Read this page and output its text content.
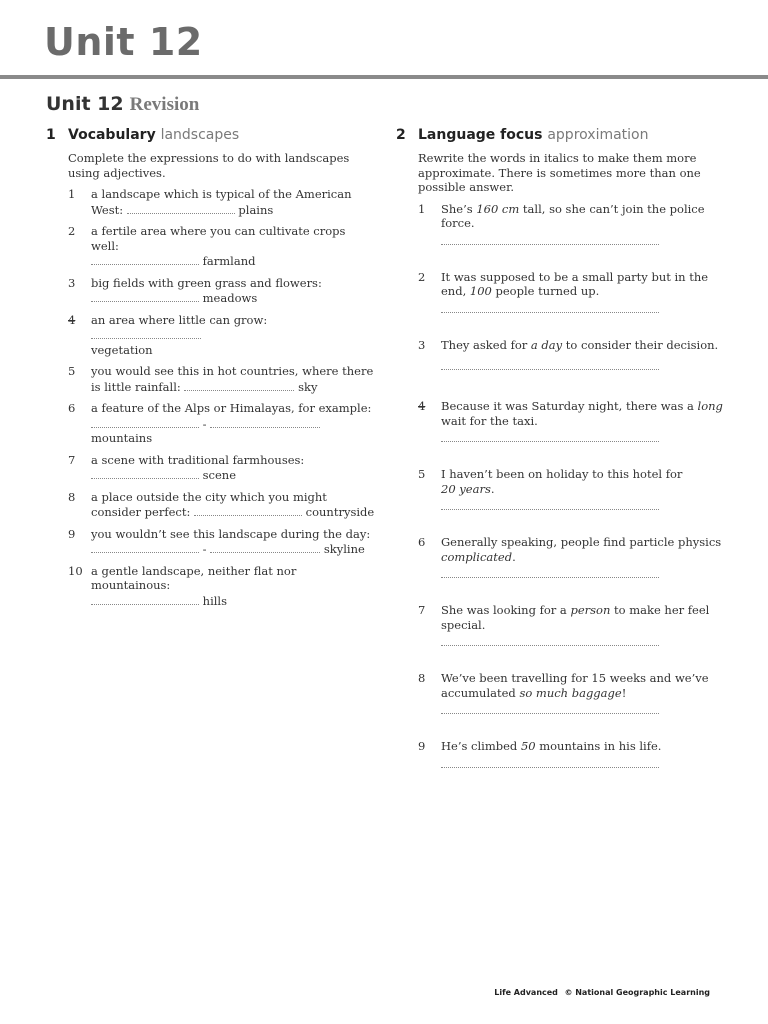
Unit 12
Unit 12 Revision
1 Vocabulary landscapes
Complete the expressions to do with landscapes using adjectives.
1 a landscape which is typical of the American
West:	plains
2 a fertile area where you can cultivate crops well:
farmland
3 big fields with green grass and flowers:
meadows
4 an area where little can grow:
vegetation
5 you would see this in hot countries, where there
is little rainfall:	sky
6 a feature of the Alps or Himalayas, for example:
-
mountains
7 a scene with traditional farmhouses:
scene
8 a place outside the city which you might
consider perfect:	countryside
9 you wouldn’t see this landscape during the day:
-	skyline
10 a gentle landscape, neither flat nor mountainous:
hills
2 Language focus approximation
Rewrite the words in italics to make them more approximate. There is sometimes more than one possible answer.
1 She’s 160 cm tall, so she can’t join the police
force.
2 It was supposed to be a small party but in the
end, 100 people turned up.
3 They asked for a day to consider their decision.
4 Because it was Saturday night, there was a long
wait for the taxi.
5 I haven’t been on holiday to this hotel for
20 years.
6 Generally speaking, people find particle physics
complicated.
7 She was looking for a person to make her feel
special.
8 We’ve been travelling for 15 weeks and we’ve
accumulated so much baggage!
9 He’s climbed 50 mountains in his life.
Life Advanced © National Geographic Learning
